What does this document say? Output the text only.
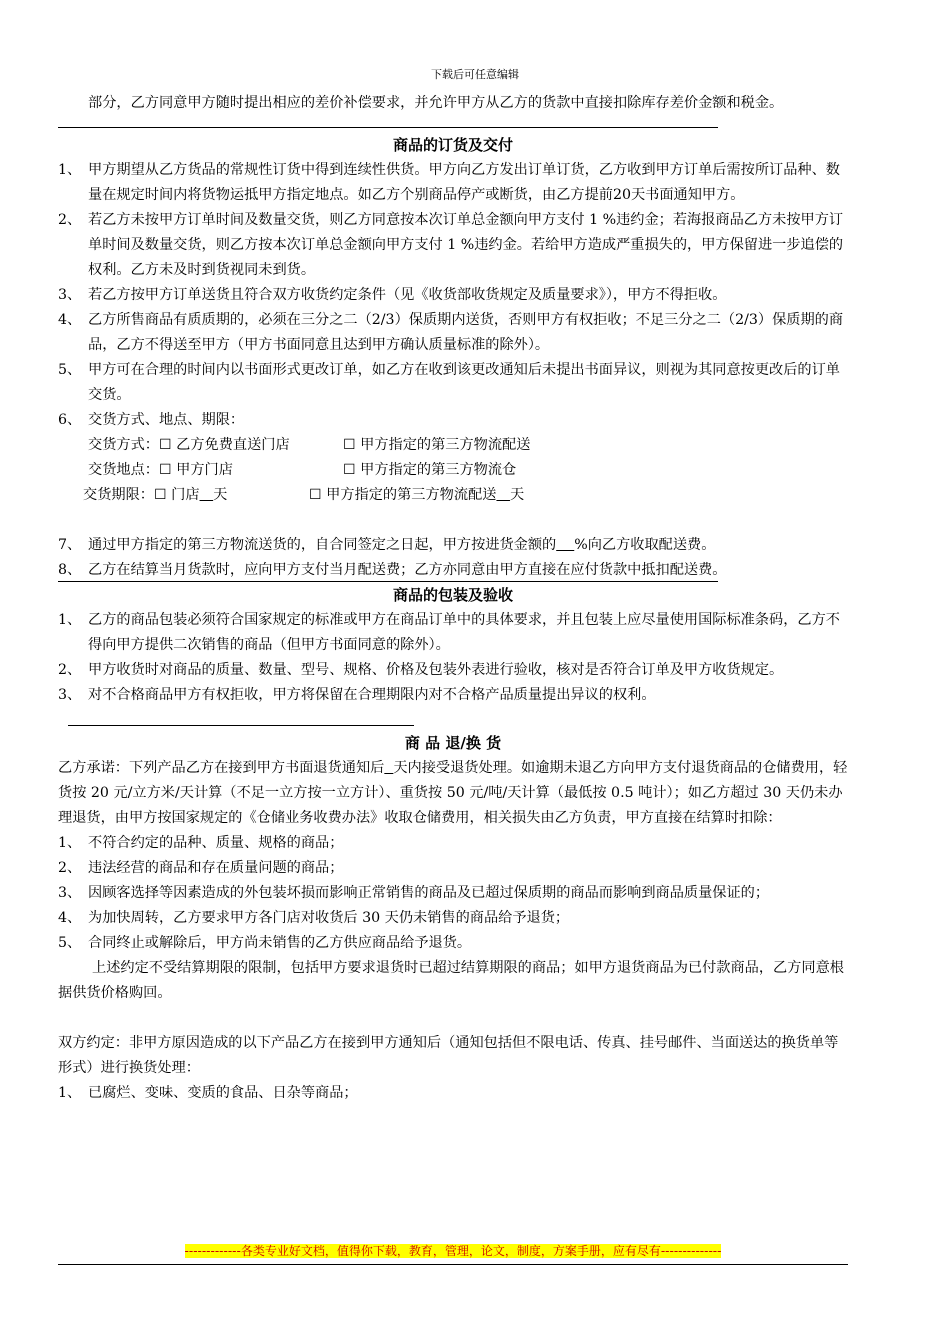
下载后可任意编辑

部分，乙方同意甲方随时提出相应的差价补偿要求，并允许甲方从乙方的货款中直接扣除库存差价金额和税金。

商品的订货及交付

1、 甲方期望从乙方货品的常规性订货中得到连续性供货。甲方向乙方发出订单订货，乙方收到甲方订单后需按所订品种、数量在规定时间内将货物运抵甲方指定地点。如乙方个别商品停产或断货，由乙方提前20天书面通知甲方。
2、 若乙方未按甲方订单时间及数量交货，则乙方同意按本次订单总金额向甲方支付 1 %违约金；若海报商品乙方未按甲方订单时间及数量交货，则乙方按本次订单总金额向甲方支付 1 %违约金。若给甲方造成严重损失的，甲方保留进一步追偿的权利。乙方未及时到货视同未到货。
3、 若乙方按甲方订单送货且符合双方收货约定条件（见《收货部收货规定及质量要求》），甲方不得拒收。
4、 乙方所售商品有质质期的，必须在三分之二（2/3）保质期内送货，否则甲方有权拒收；不足三分之二（2/3）保质期的商品，乙方不得送至甲方（甲方书面同意且达到甲方确认质量标准的除外）。
5、 甲方可在合理的时间内以书面形式更改订单，如乙方在收到该更改通知后未提出书面异议，则视为其同意按更改后的订单交货。
6、 交货方式、地点、期限：
交货方式：☐ 乙方免费直送门店	☐ 甲方指定的第三方物流配送
交货地点：☐ 甲方门店	☐ 甲方指定的第三方物流仓
交货期限：☐ 门店 天	☐ 甲方指定的第三方物流配送 天
7、 通过甲方指定的第三方物流送货的，自合同签定之日起，甲方按进货金额的 %向乙方收取配送费。
8、 乙方在结算当月货款时，应向甲方支付当月配送费；乙方亦同意由甲方直接在应付货款中抵扣配送费。

商品的包装及验收

1、 乙方的商品包装必须符合国家规定的标准或甲方在商品订单中的具体要求，并且包装上应尽量使用国际标准条码，乙方不得向甲方提供二次销售的商品（但甲方书面同意的除外）。
2、 甲方收货时对商品的质量、数量、型号、规格、价格及包装外表进行验收，核对是否符合订单及甲方收货规定。
3、 对不合格商品甲方有权拒收，甲方将保留在合理期限内对不合格产品质量提出异议的权利。

商 品 退/换 货

乙方承诺：下列产品乙方在接到甲方书面退货通知后 天内接受退货处理。如逾期未退乙方向甲方支付退货商品的仓储费用，轻货按 20 元/立方米/天计算（不足一立方按一立方计）、重货按 50 元/吨/天计算（最低按 0.5 吨计）；如乙方超过 30 天仍未办理退货，由甲方按国家规定的《仓储业务收费办法》收取仓储费用，相关损失由乙方负责，甲方直接在结算时扣除：

1、 不符合约定的品种、质量、规格的商品；
2、 违法经营的商品和存在质量问题的商品；
3、 因顾客选择等因素造成的外包装坏损而影响正常销售的商品及已超过保质期的商品而影响到商品质量保证的；
4、 为加快周转，乙方要求甲方各门店对收货后 30 天仍未销售的商品给予退货；
5、 合同终止或解除后，甲方尚未销售的乙方供应商品给予退货。

上述约定不受结算期限的限制，包括甲方要求退货时已超过结算期限的商品；如甲方退货商品为已付款商品，乙方同意根据供货价格购回。

双方约定：非甲方原因造成的以下产品乙方在接到甲方通知后（通知包括但不限电话、传真、挂号邮件、当面送达的换货单等形式）进行换货处理：

1、 已腐烂、变味、变质的食品、日杂等商品；
-------------各类专业好文档，值得你下载，教育，管理，论文，制度，方案手册，应有尽有--------------
